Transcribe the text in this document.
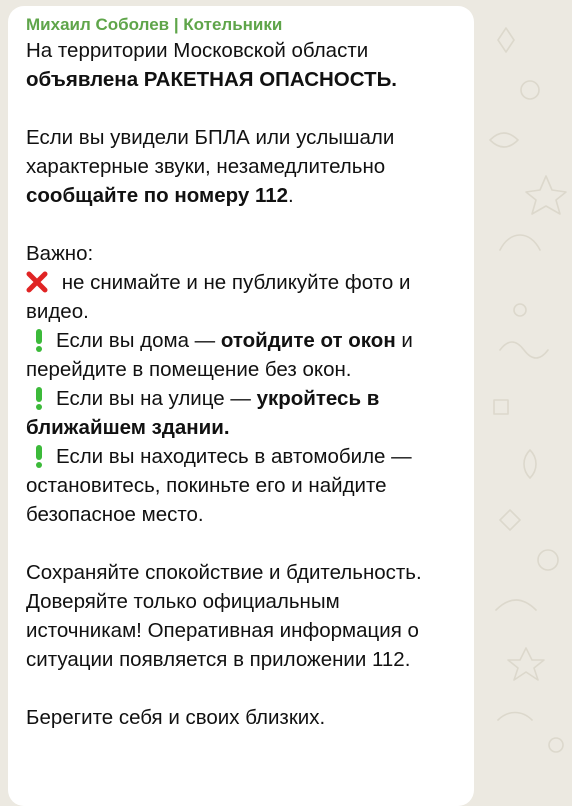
Михаил Соболев | Котельники
На территории Московской области
объявлена РАКЕТНАЯ ОПАСНОСТЬ.
Если вы увидели БПЛА или услышали
характерные звуки, незамедлительно
сообщайте по номеру 112.
Важно:
не снимайте и не публикуйте фото и
видео.
Если вы дома — отойдите от окон и
перейдите в помещение без окон.
Если вы на улице — укройтесь в
ближайшем здании.
Если вы находитесь в автомобиле —
остановитесь, покиньте его и найдите
безопасное место.
Сохраняйте спокойствие и бдительность.
Доверяйте только официальным
источникам! Оперативная информация о
ситуации появляется в приложении 112.
Берегите себя и своих близких.
